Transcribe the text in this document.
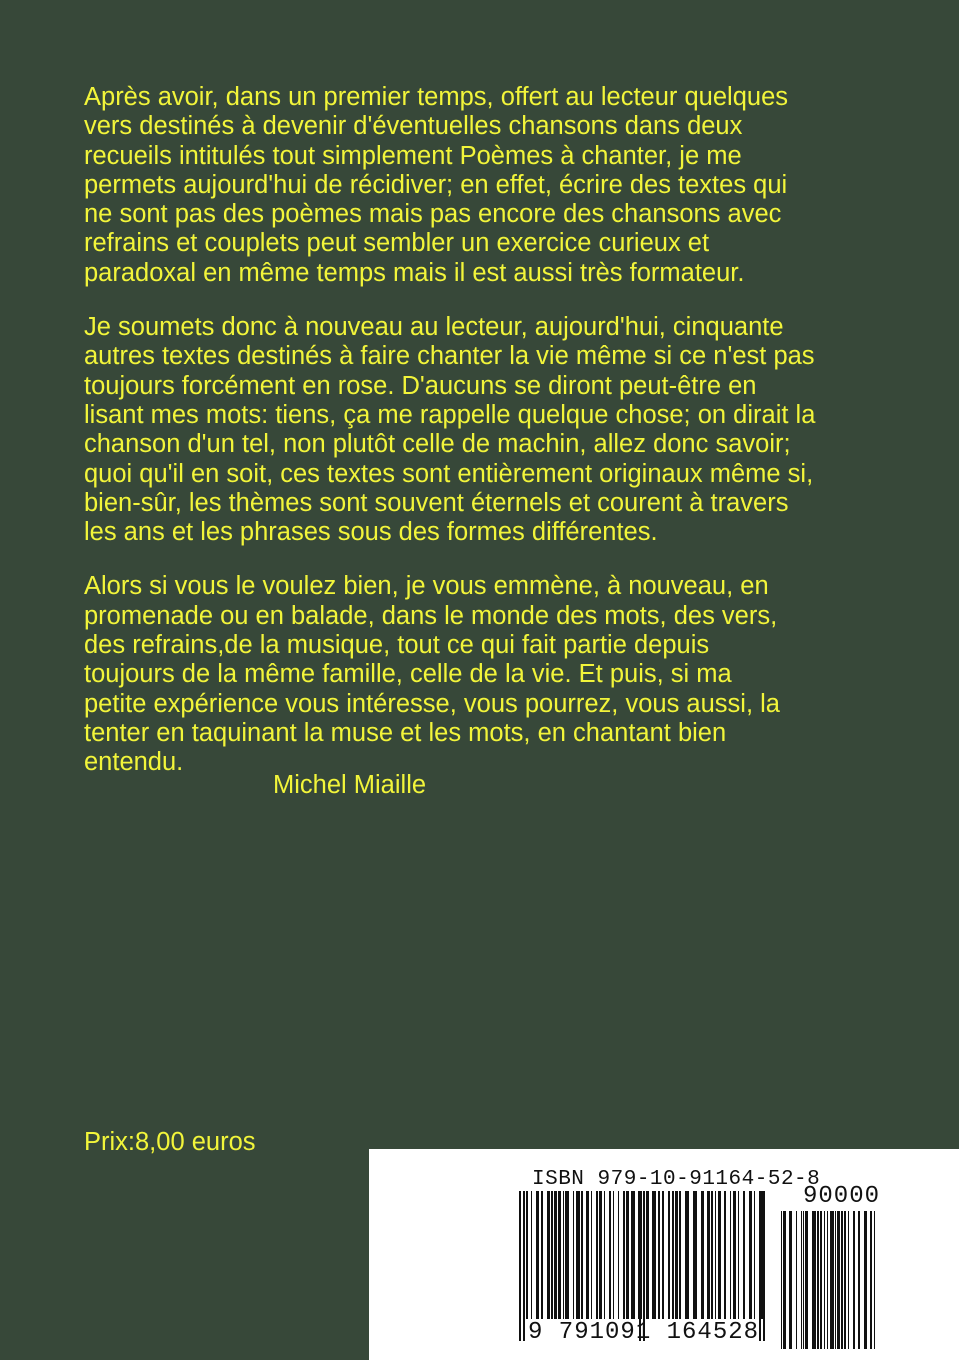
Après avoir, dans un premier temps, offert au lecteur quelques
vers destinés à devenir d'éventuelles chansons dans deux
recueils intitulés tout simplement Poèmes à chanter, je me
permets aujourd'hui de récidiver; en effet, écrire des textes qui
ne sont pas des poèmes mais pas encore des chansons avec
refrains et couplets peut sembler un exercice curieux et
paradoxal en même temps mais il est aussi très formateur.

Je soumets donc à nouveau au lecteur, aujourd'hui, cinquante
autres textes destinés à faire chanter la vie même si ce n'est pas
toujours forcément en rose. D'aucuns se diront peut-être en
lisant mes mots: tiens, ça me rappelle quelque chose; on dirait la
chanson d'un tel, non plutôt celle de machin, allez donc savoir;
quoi qu'il en soit, ces textes sont entièrement originaux même si,
bien-sûr, les thèmes sont souvent éternels et courent à travers
les ans et les phrases sous des formes différentes.

Alors si vous le voulez bien, je vous emmène, à nouveau, en
promenade ou en balade, dans le monde des mots, des vers,
des refrains,de la musique, tout ce qui fait partie depuis
toujours de la même famille, celle de la vie. Et puis, si ma
petite expérience vous intéresse, vous pourrez, vous aussi, la
tenter en taquinant la muse et les mots, en chantant bien
entendu.

Michel Miaille
Prix:8,00 euros
ISBN 979-10-91164-52-8
90000
9 791091 164528
